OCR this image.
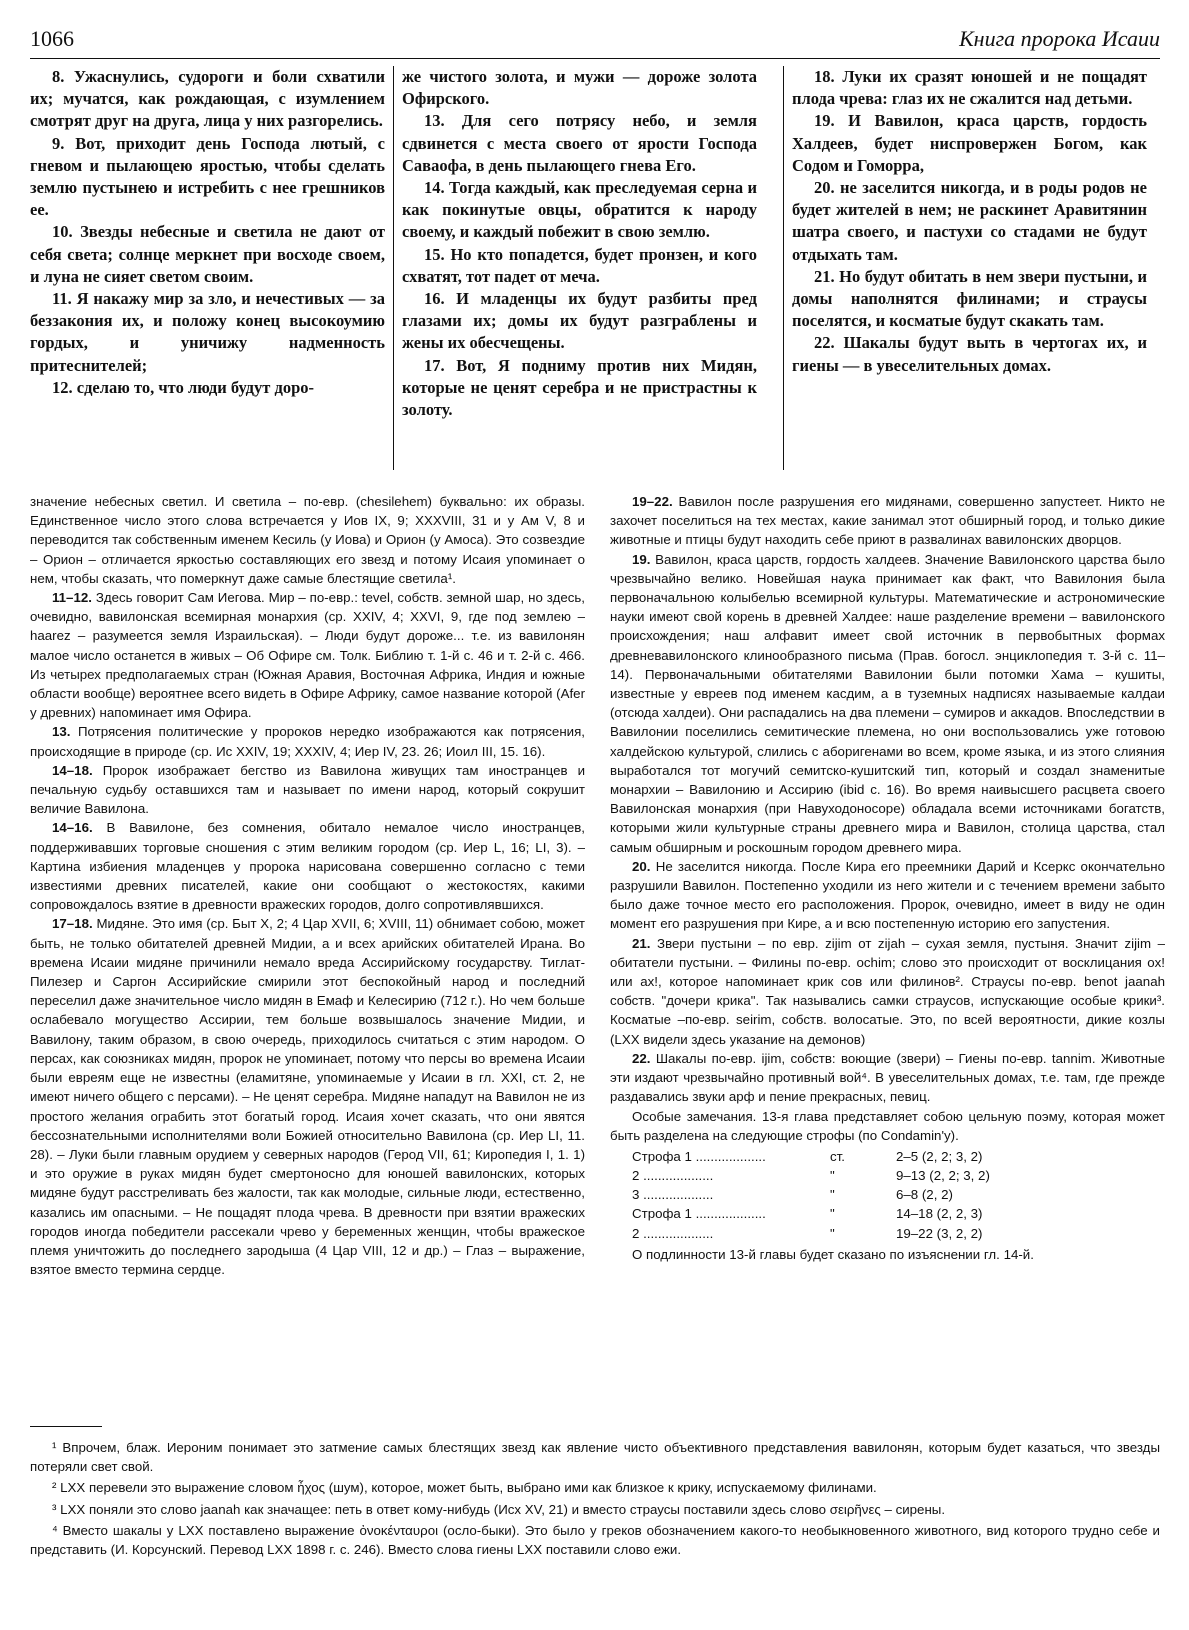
1066	Книга пророка Исаии

8. Ужаснулись, судороги и боли схватили их; мучатся, как рождающая, с изумлением смотрят друг на друга, лица у них разгорелись.

9. Вот, приходит день Господа лютый, с гневом и пылающею яростью, чтобы сделать землю пустынею и истребить с нее грешников ее.

10. Звезды небесные и светила не дают от себя света; солнце меркнет при восходе своем, и луна не сияет светом своим.

11. Я накажу мир за зло, и нечестивых — за беззакония их, и положу конец высокоумию гордых, и уничижу надменность притеснителей;

12. сделаю то, что люди будут доро-

же чистого золота, и мужи — дороже золота Офирского.

13. Для сего потрясу небо, и земля сдвинется с места своего от ярости Господа Саваофа, в день пылающего гнева Его.

14. Тогда каждый, как преследуемая серна и как покинутые овцы, обратится к народу своему, и каждый побежит в свою землю.

15. Но кто попадется, будет пронзен, и кого схватят, тот падет от меча.

16. И младенцы их будут разбиты пред глазами их; домы их будут разграблены и жены их обесчещены.

17. Вот, Я подниму против них Мидян, которые не ценят серебра и не пристрастны к золоту.

18. Луки их сразят юношей и не пощадят плода чрева: глаз их не сжалится над детьми.

19. И Вавилон, краса царств, гордость Халдеев, будет ниспровержен Богом, как Содом и Гоморра,

20. не заселится никогда, и в роды родов не будет жителей в нем; не раскинет Аравитянин шатра своего, и пастухи со стадами не будут отдыхать там.

21. Но будут обитать в нем звери пустыни, и домы наполнятся филинами; и страусы поселятся, и косматые будут скакать там.

22. Шакалы будут выть в чертогах их, и гиены — в увеселительных домах.

значение небесных светил. И светила – по-евр. (chesilehem) буквально: их образы. Единственное число этого слова встречается у Иов IX, 9; XXXVIII, 31 и у Ам V, 8 и переводится так собственным именем Кесиль (у Иова) и Орион (у Амоса). Это созвездие – Орион – отличается яркостью составляющих его звезд и потому Исаия упоминает о нем, чтобы сказать, что померкнут даже самые блестящие светила¹.

11–12. Здесь говорит Сам Иегова. Мир – по-евр.: tevel, собств. земной шар, но здесь, очевидно, вавилонская всемирная монархия (ср. XXIV, 4; XXVI, 9, где под землею – haarez – разумеется земля Израильская). – Люди будут дороже... т.е. из вавилонян малое число останется в живых – Об Офире см. Толк. Библию т. 1-й с. 46 и т. 2-й с. 466. Из четырех предполагаемых стран (Южная Аравия, Восточная Африка, Индия и южные области вообще) вероятнее всего видеть в Офире Африку, самое название которой (Afer у древних) напоминает имя Офира.

13. Потрясения политические у пророков нередко изображаются как потрясения, происходящие в природе (ср. Ис XXIV, 19; XXXIV, 4; Иер IV, 23. 26; Иоил III, 15. 16).

14–18. Пророк изображает бегство из Вавилона живущих там иностранцев и печальную судьбу оставшихся там и называет по имени народ, который сокрушит величие Вавилона.

14–16. В Вавилоне, без сомнения, обитало немалое число иностранцев, поддерживавших торговые сношения с этим великим городом (ср. Иер L, 16; LI, 3). – Картина избиения младенцев у пророка нарисована совершенно согласно с теми известиями древних писателей, какие они сообщают о жестокостях, какими сопровождалось взятие в древности вражеских городов, долго сопротивлявшихся.

17–18. Мидяне. Это имя (ср. Быт X, 2; 4 Цар XVII, 6; XVIII, 11) обнимает собою, может быть, не только обитателей древней Мидии, а и всех арийских обитателей Ирана. Во времена Исаии мидяне причинили немало вреда Ассирийскому государству. Тиглат-Пилезер и Саргон Ассирийские смирили этот беспокойный народ и последний переселил даже значительное число мидян в Емаф и Келесирию (712 г.). Но чем больше ослабевало могущество Ассирии, тем больше возвышалось значение Мидии, и Вавилону, таким образом, в свою очередь, приходилось считаться с этим народом. О персах, как союзниках мидян, пророк не упоминает, потому что персы во времена Исаии были евреям еще не известны (еламитяне, упоминаемые у Исаии в гл. XXI, ст. 2, не имеют ничего общего с персами). – Не ценят серебра. Мидяне нападут на Вавилон не из простого желания ограбить этот богатый город. Исаия хочет сказать, что они явятся бессознательными исполнителями воли Божией относительно Вавилона (ср. Иер LI, 11. 28). – Луки были главным орудием у северных народов (Герод VII, 61; Киропедия I, 1. 1) и это оружие в руках мидян будет смертоносно для юношей вавилонских, которых мидяне будут расстреливать без жалости, так как молодые, сильные люди, естественно, казались им опасными. – Не пощадят плода чрева. В древности при взятии вражеских городов иногда победители рассекали чрево у беременных женщин, чтобы вражеское племя уничтожить до последнего зародыша (4 Цар VIII, 12 и др.) – Глаз – выражение, взятое вместо термина сердце.

19–22. Вавилон после разрушения его мидянами, совершенно запустеет. Никто не захочет поселиться на тех местах, какие занимал этот обширный город, и только дикие животные и птицы будут находить себе приют в развалинах вавилонских дворцов.

19. Вавилон, краса царств, гордость халдеев. Значение Вавилонского царства было чрезвычайно велико. Новейшая наука принимает как факт, что Вавилония была первоначальною колыбелью всемирной культуры. Математические и астрономические науки имеют свой корень в древней Халдее: наше разделение времени – вавилонского происхождения; наш алфавит имеет свой источник в первобытных формах древневавилонского клинообразного письма (Прав. богосл. энциклопедия т. 3-й с. 11–14). Первоначальными обитателями Вавилонии были потомки Хама – кушиты, известные у евреев под именем касдим, а в туземных надписях называемые калдаи (отсюда халдеи). Они распадались на два племени – сумиров и аккадов. Впоследствии в Вавилонии поселились семитические племена, но они воспользовались уже готовою халдейскою культурой, слились с аборигенами во всем, кроме языка, и из этого слияния выработался тот могучий семитско-кушитский тип, который и создал знаменитые монархии – Вавилонию и Ассирию (ibid с. 16). Во время наивысшего расцвета своего Вавилонская монархия (при Навуходоносоре) обладала всеми источниками богатств, которыми жили культурные страны древнего мира и Вавилон, столица царства, стал самым обширным и роскошным городом древнего мира.

20. Не заселится никогда. После Кира его преемники Дарий и Ксеркс окончательно разрушили Вавилон. Постепенно уходили из него жители и с течением времени забыто было даже точное место его расположения. Пророк, очевидно, имеет в виду не один момент его разрушения при Кире, а и всю постепенную историю его запустения.

21. Звери пустыни – по евр. zijim от zijah – сухая земля, пустыня. Значит zijim – обитатели пустыни. – Филины по-евр. ochim; слово это происходит от восклицания ox! или ax!, которое напоминает крик сов или филинов². Страусы по-евр. benot jaanah собств. "дочери крика". Так назывались самки страусов, испускающие особые крики³. Косматые –по-евр. seirim, собств. волосатые. Это, по всей вероятности, дикие козлы (LXX видели здесь указание на демонов)

22. Шакалы по-евр. ijim, собств: воющие (звери) – Гиены по-евр. tannim. Животные эти издают чрезвычайно противный вой⁴. В увеселительных домах, т.е. там, где прежде раздавались звуки арф и пение прекрасных, певиц.

Особые замечания. 13-я глава представляет собою цельную поэму, которая может быть разделена на следующие строфы (по Condamin'y).

Строфа 1 ...................	ст.	2–5 (2, 2; 3, 2)
2 ...................	"	9–13 (2, 2; 3, 2)
3 ...................	"	6–8 (2, 2)
Строфа 1 ...................	"	14–18 (2, 2, 3)
2 ...................	"	19–22 (3, 2, 2)

О подлинности 13-й главы будет сказано по изъяснении гл. 14-й.

¹ Впрочем, блаж. Иероним понимает это затмение самых блестящих звезд как явление чисто объективного представления вавилонян, которым будет казаться, что звезды потеряли свет свой.

² LXX перевели это выражение словом ἦχος (шум), которое, может быть, выбрано ими как близкое к крику, испускаемому филинами.

³ LXX поняли это слово jaanah как значащее: петь в ответ кому-нибудь (Исх XV, 21) и вместо страусы поставили здесь слово σειρῆνες – сирены.

⁴ Вместо шакалы у LXX поставлено выражение ὀνοκένταυροι (осло-быки). Это было у греков обозначением какого-то необыкновенного животного, вид которого трудно себе и представить (И. Корсунский. Перевод LXX 1898 г. с. 246). Вместо слова гиены LXX поставили слово ежи.
